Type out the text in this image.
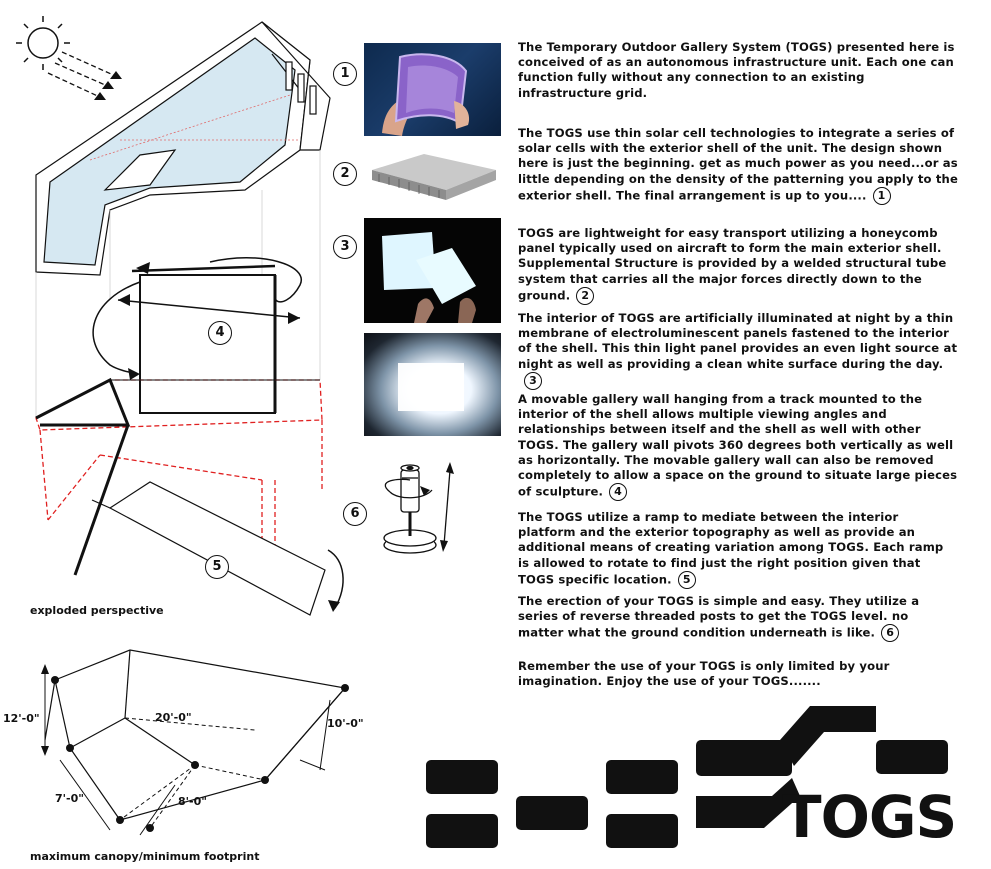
4
5
6
exploded perspective
12'-0"	20'-0"	10'-0"
7'-0"	8'-0"
maximum canopy/minimum footprint
1
2
3

The Temporary Outdoor Gallery System (TOGS) presented here is conceived of as an autonomous infrastructure unit. Each one can function fully without any connection to an existing infrastructure grid.

The TOGS use thin solar cell technologies to integrate a series of solar cells with the exterior shell of the unit. The design shown here is just the beginning. get as much power as you need...or as little depending on the density of the patterning you apply to the exterior shell. The final arrangement is up to you.... 1

TOGS are lightweight for easy transport utilizing a honeycomb panel typically used on aircraft to form the main exterior shell. Supplemental Structure is provided by a welded structural tube system that carries all the major forces directly down to the ground. 2

The interior of TOGS are artificially illuminated at night by a thin membrane of electroluminescent panels fastened to the interior of the shell. This thin light panel provides an even light source at night as well as providing a clean white surface during the day.3

A movable gallery wall hanging from a track mounted to the interior of the shell allows multiple viewing angles and relationships between itself and the shell as well with other TOGS. The gallery wall pivots 360 degrees both vertically as well as horizontally. The movable gallery wall can also be removed completely to allow a space on the ground to situate large pieces of sculpture. 4

The TOGS utilize a ramp to mediate between the interior platform and the exterior topography as well as provide an additional means of creating variation among TOGS. Each ramp is allowed to rotate to find just the right position given that TOGS specific location. 5

The erection of your TOGS is simple and easy. They utilize a series of reverse threaded posts to get the TOGS level. no matter what the ground condition underneath is like. 6

Remember the use of your TOGS is only limited by your imagination. Enjoy the use of your TOGS.......

TOGS
